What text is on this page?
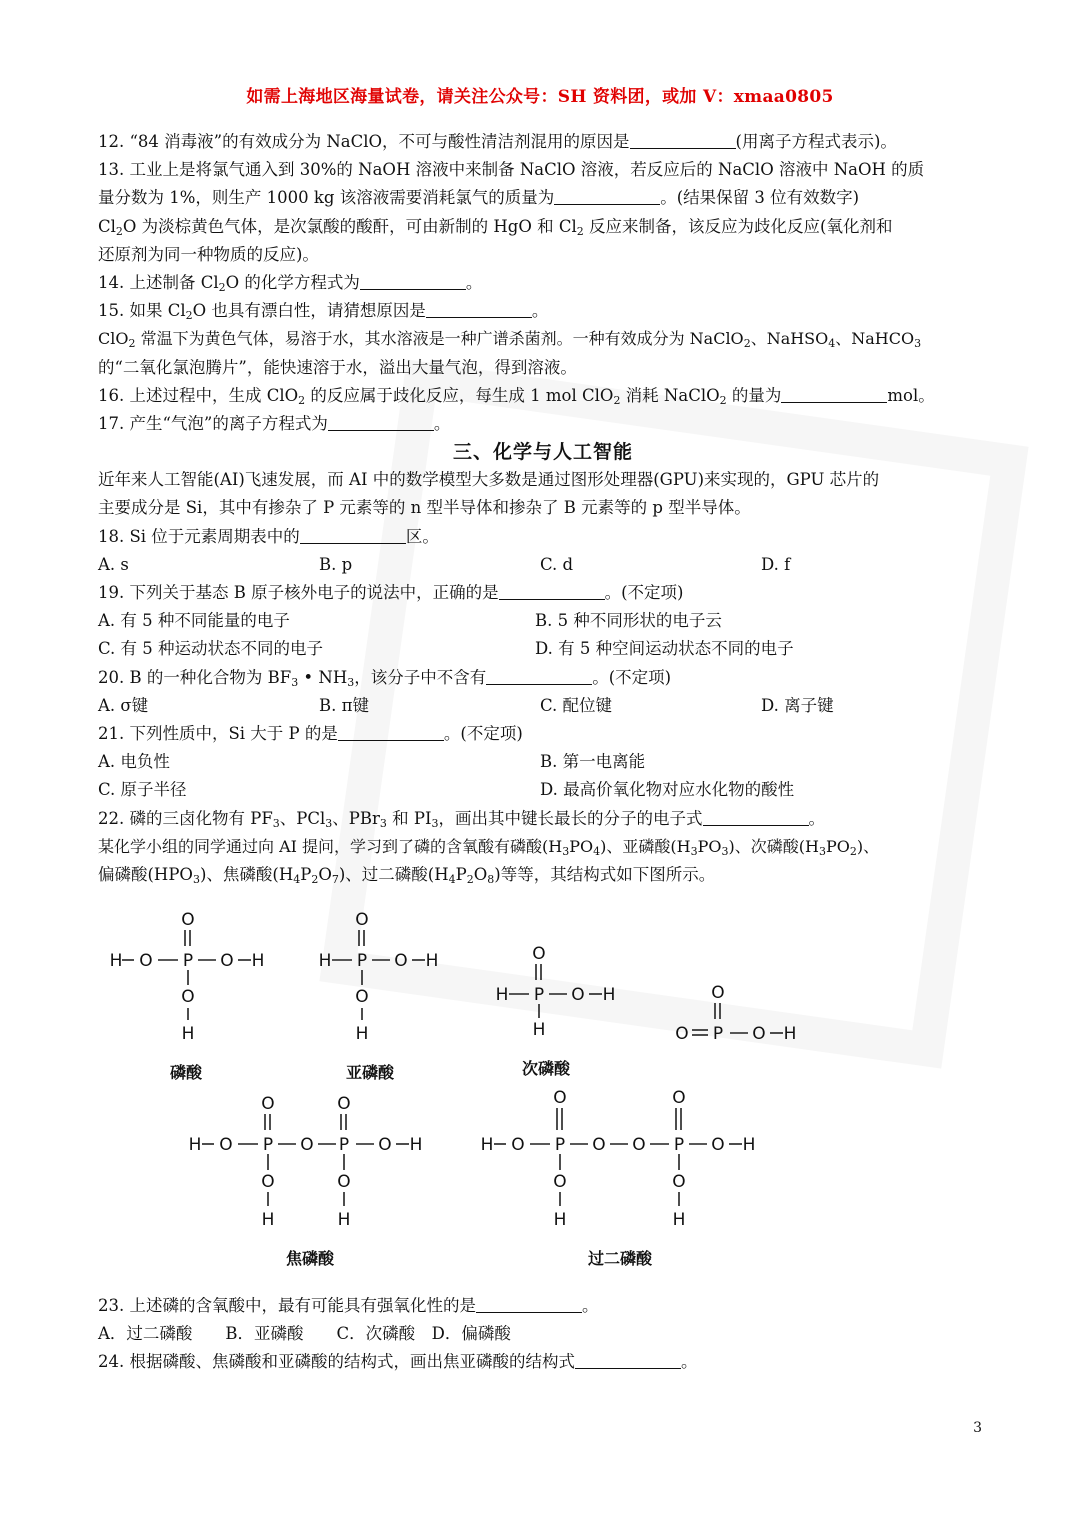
如需上海地区海量试卷，请关注公众号：SH 资料团，或加 V：xmaa0805
12. “84 消毒液”的有效成分为 NaClO，不可与酸性清洁剂混用的原因是	(用离子方程式表示)。
13. 工业上是将氯气通入到 30%的 NaOH 溶液中来制备 NaClO 溶液，若反应后的 NaClO 溶液中 NaOH 的质
量分数为 1%，则生产 1000 kg 该溶液需要消耗氯气的质量为	。(结果保留 3 位有效数字)
$Cl_2O$ 为淡棕黄色气体，是次氯酸的酸酐，可由新制的 HgO 和 $Cl_2$ 反应来制备，该反应为歧化反应(氧化剂和
还原剂为同一种物质的反应)。
14. 上述制备 $Cl_2O$ 的化学方程式为	。
15. 如果 $Cl_2O$ 也具有漂白性，请猜想原因是	。
ClO$_2$ 常温下为黄色气体，易溶于水，其水溶液是一种广谱杀菌剂。一种有效成分为 NaClO$_2$、NaHSO$_4$、NaHCO$_3$
的“二氧化氯泡腾片”，能快速溶于水，溢出大量气泡，得到溶液。
16. 上述过程中，生成 ClO$_2$ 的反应属于歧化反应，每生成 1 mol ClO$_2$ 消耗 NaClO$_2$ 的量为	mol。
17. 产生“气泡”的离子方程式为	。
三、化学与人工智能
近年来人工智能(AI)飞速发展，而 AI 中的数学模型大多数是通过图形处理器(GPU)来实现的，GPU 芯片的
主要成分是 Si，其中有掺杂了 P 元素等的 n 型半导体和掺杂了 B 元素等的 p 型半导体。
18. Si 位于元素周期表中的	区。
A. s	B. p	C. d	D. f
19. 下列关于基态 B 原子核外电子的说法中，正确的是	。(不定项)
A. 有 5 种不同能量的电子	B. 5 种不同形状的电子云
C. 有 5 种运动状态不同的电子	D. 有 5 种空间运动状态不同的电子
20. B 的一种化合物为 $BF_3$ • $NH_3$，该分子中不含有	。(不定项)
A. σ键	B. π键	C. 配位键	D. 离子键
21. 下列性质中，Si 大于 P 的是	。(不定项)
A. 电负性	B. 第一电离能
C. 原子半径	D. 最高价氧化物对应水化物的酸性
22. 磷的三卤化物有 $PF_3$、PCl$_3$、PBr$_3$ 和 $PI_3$，画出其中键长最长的分子的电子式	。
某化学小组的同学通过向 AI 提问，学习到了磷的含氧酸有磷酸$(H_3PO_4)$、亚磷酸$(H_3PO_3)$、次磷酸$(H_3PO_2)$、
偏磷酸$(HPO_3)$、焦磷酸$(H_4P_2O_7)$、过二磷酸$(H_4P_2O_8)$等等，其结构式如下图所示。
H O P O H
O
O
H
H P O H
O
O
H
H P O H
O
H	O P O H
O
H O P O P O H
O	O
O	O
H	H
H O P O O P O H
O	O
O	O
H	H
磷酸	亚磷酸	次磷酸
焦磷酸	过二磷酸
23. 上述磷的含氧酸中，最有可能具有强氧化性的是	。
A．过二磷酸　　B．亚磷酸　　C．次磷酸　D．偏磷酸
24. 根据磷酸、焦磷酸和亚磷酸的结构式，画出焦亚磷酸的结构式	。
3
